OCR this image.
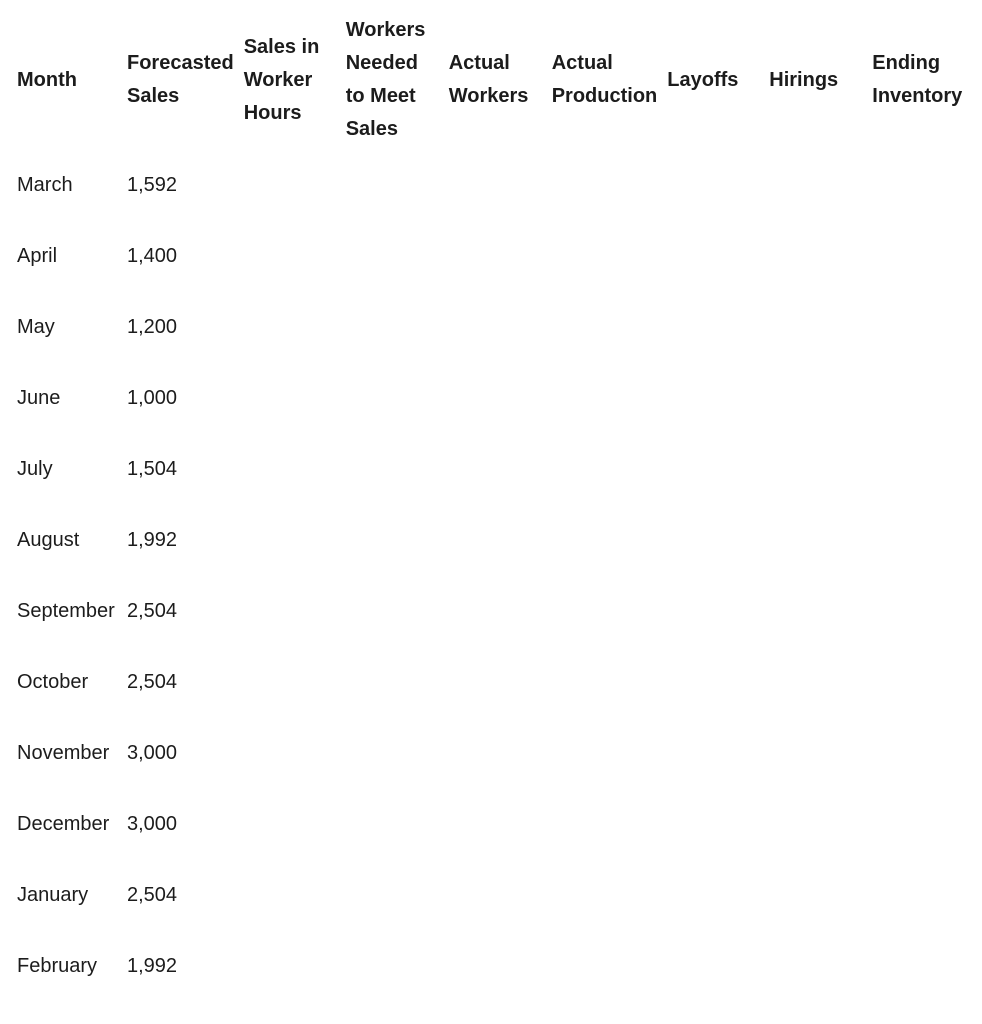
Month	Forecasted Sales	Sales in Worker Hours	Workers Needed to Meet Sales	Actual Workers	Actual Production	Layoffs	Hirings	Ending Inventory
March	1,592							
April	1,400							
May	1,200							
June	1,000							
July	1,504							
August	1,992							
September	2,504							
October	2,504							
November	3,000							
December	3,000							
January	2,504							
February	1,992							
